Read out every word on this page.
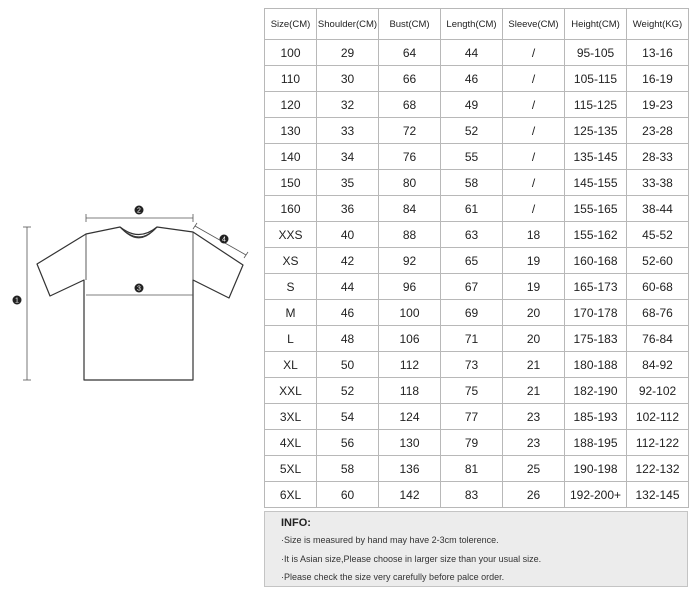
1
2
3
4
Size(CM)	Shoulder(CM)	Bust(CM)	Length(CM)	Sleeve(CM)	Height(CM)	Weight(KG)
100	29	64	44	/	95-105	13-16
110	30	66	46	/	105-115	16-19
120	32	68	49	/	115-125	19-23
130	33	72	52	/	125-135	23-28
140	34	76	55	/	135-145	28-33
150	35	80	58	/	145-155	33-38
160	36	84	61	/	155-165	38-44
XXS	40	88	63	18	155-162	45-52
XS	42	92	65	19	160-168	52-60
S	44	96	67	19	165-173	60-68
M	46	100	69	20	170-178	68-76
L	48	106	71	20	175-183	76-84
XL	50	112	73	21	180-188	84-92
XXL	52	118	75	21	182-190	92-102
3XL	54	124	77	23	185-193	102-112
4XL	56	130	79	23	188-195	112-122
5XL	58	136	81	25	190-198	122-132
6XL	60	142	83	26	192-200+	132-145
INFO:
·Size is measured by hand may have 2-3cm tolerence.
·It is Asian size,Please choose in larger size than your usual size.
·Please check the size very carefully before palce order.
